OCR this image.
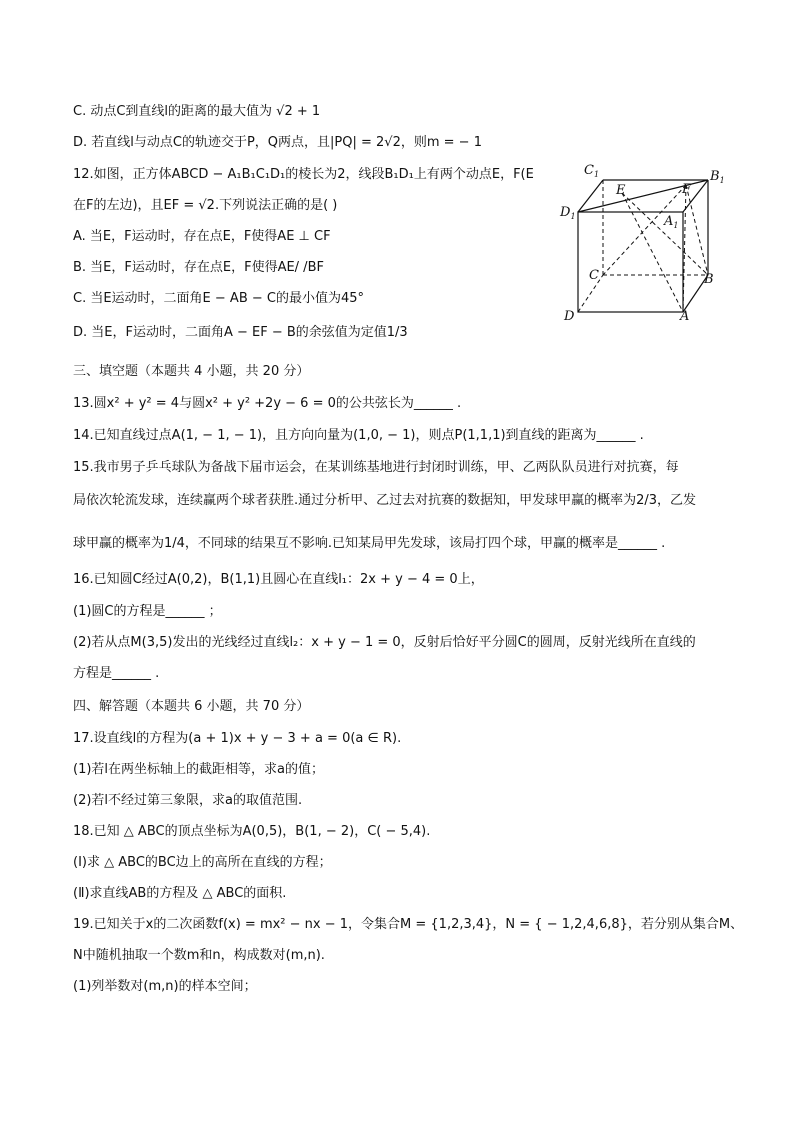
C. 动点C到直线l的距离的最大值为 √2 + 1
D. 若直线l与动点C的轨迹交于P，Q两点，且|PQ| = 2√2，则m = − 1
12.如图，正方体ABCD − A₁B₁C₁D₁的棱长为2，线段B₁D₁上有两个动点E，F(E
在F的左边)，且EF = √2.下列说法正确的是( )
A. 当E，F运动时，存在点E，F使得AE ⊥ CF
B. 当E，F运动时，存在点E，F使得AE/ /BF
C. 当E运动时，二面角E − AB − C的最小值为45°
D. 当E，F运动时，二面角A − EF − B的余弦值为定值1/3
三、填空题（本题共 4 小题，共 20 分）
13.圆x² + y² = 4与圆x² + y² +2y − 6 = 0的公共弦长为______ .
14.已知直线过点A(1, − 1, − 1)，且方向向量为(1,0, − 1)，则点P(1,1,1)到直线的距离为______ .
15.我市男子乒乓球队为备战下届市运会，在某训练基地进行封闭时训练，甲、乙两队队员进行对抗赛，每
局依次轮流发球，连续赢两个球者获胜.通过分析甲、乙过去对抗赛的数据知，甲发球甲赢的概率为2/3，乙发
球甲赢的概率为1/4，不同球的结果互不影响.已知某局甲先发球，该局打四个球，甲赢的概率是______ .
16.已知圆C经过A(0,2)，B(1,1)且圆心在直线l₁：2x + y − 4 = 0上，
(1)圆C的方程是______ ；
(2)若从点M(3,5)发出的光线经过直线l₂：x + y − 1 = 0，反射后恰好平分圆C的圆周，反射光线所在直线的
方程是______ .
四、解答题（本题共 6 小题，共 70 分）
17.设直线l的方程为(a + 1)x + y − 3 + a = 0(a ∈ R).
(1)若l在两坐标轴上的截距相等，求a的值；
(2)若l不经过第三象限，求a的取值范围.
18.已知 △ ABC的顶点坐标为A(0,5)，B(1, − 2)，C( − 5,4).
(Ⅰ)求 △ ABC的BC边上的高所在直线的方程；
(Ⅱ)求直线AB的方程及 △ ABC的面积.
19.已知关于x的二次函数f(x) = mx² − nx − 1，令集合M = {1,2,3,4}，N = { − 1,2,4,6,8}，若分别从集合M、
N中随机抽取一个数m和n，构成数对(m,n).
(1)列举数对(m,n)的样本空间；
$C_1$	$B_1$
$D_1$	$A_1$
E	F
C	B
D	A
